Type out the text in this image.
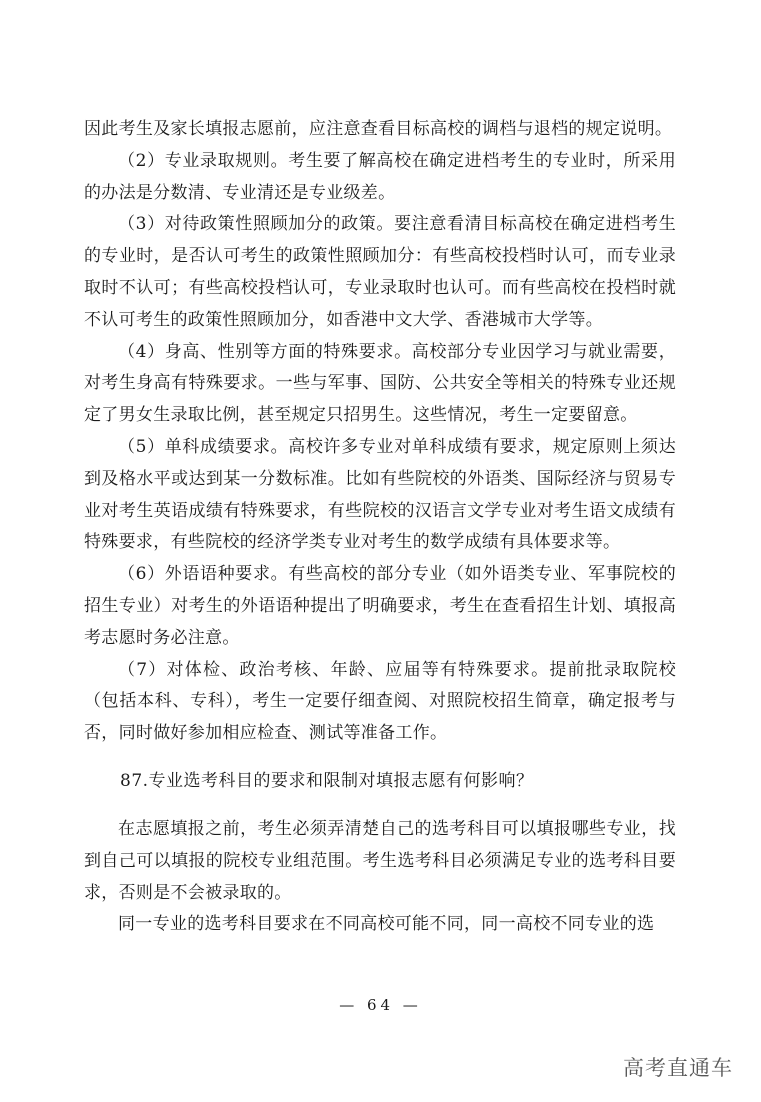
因此考生及家长填报志愿前，应注意查看目标高校的调档与退档的规定说明。

（2）专业录取规则。考生要了解高校在确定进档考生的专业时，所采用的办法是分数清、专业清还是专业级差。

（3）对待政策性照顾加分的政策。要注意看清目标高校在确定进档考生的专业时，是否认可考生的政策性照顾加分：有些高校投档时认可，而专业录取时不认可；有些高校投档认可，专业录取时也认可。而有些高校在投档时就不认可考生的政策性照顾加分，如香港中文大学、香港城市大学等。

（4）身高、性别等方面的特殊要求。高校部分专业因学习与就业需要，对考生身高有特殊要求。一些与军事、国防、公共安全等相关的特殊专业还规定了男女生录取比例，甚至规定只招男生。这些情况，考生一定要留意。

（5）单科成绩要求。高校许多专业对单科成绩有要求，规定原则上须达到及格水平或达到某一分数标准。比如有些院校的外语类、国际经济与贸易专业对考生英语成绩有特殊要求，有些院校的汉语言文学专业对考生语文成绩有特殊要求，有些院校的经济学类专业对考生的数学成绩有具体要求等。

（6）外语语种要求。有些高校的部分专业（如外语类专业、军事院校的招生专业）对考生的外语语种提出了明确要求，考生在查看招生计划、填报高考志愿时务必注意。

（7）对体检、政治考核、年龄、应届等有特殊要求。提前批录取院校（包括本科、专科），考生一定要仔细查阅、对照院校招生简章，确定报考与否，同时做好参加相应检查、测试等准备工作。

87.专业选考科目的要求和限制对填报志愿有何影响？

在志愿填报之前，考生必须弄清楚自己的选考科目可以填报哪些专业，找到自己可以填报的院校专业组范围。考生选考科目必须满足专业的选考科目要求，否则是不会被录取的。

同一专业的选考科目要求在不同高校可能不同，同一高校不同专业的选

— 64 —
高考直通车
